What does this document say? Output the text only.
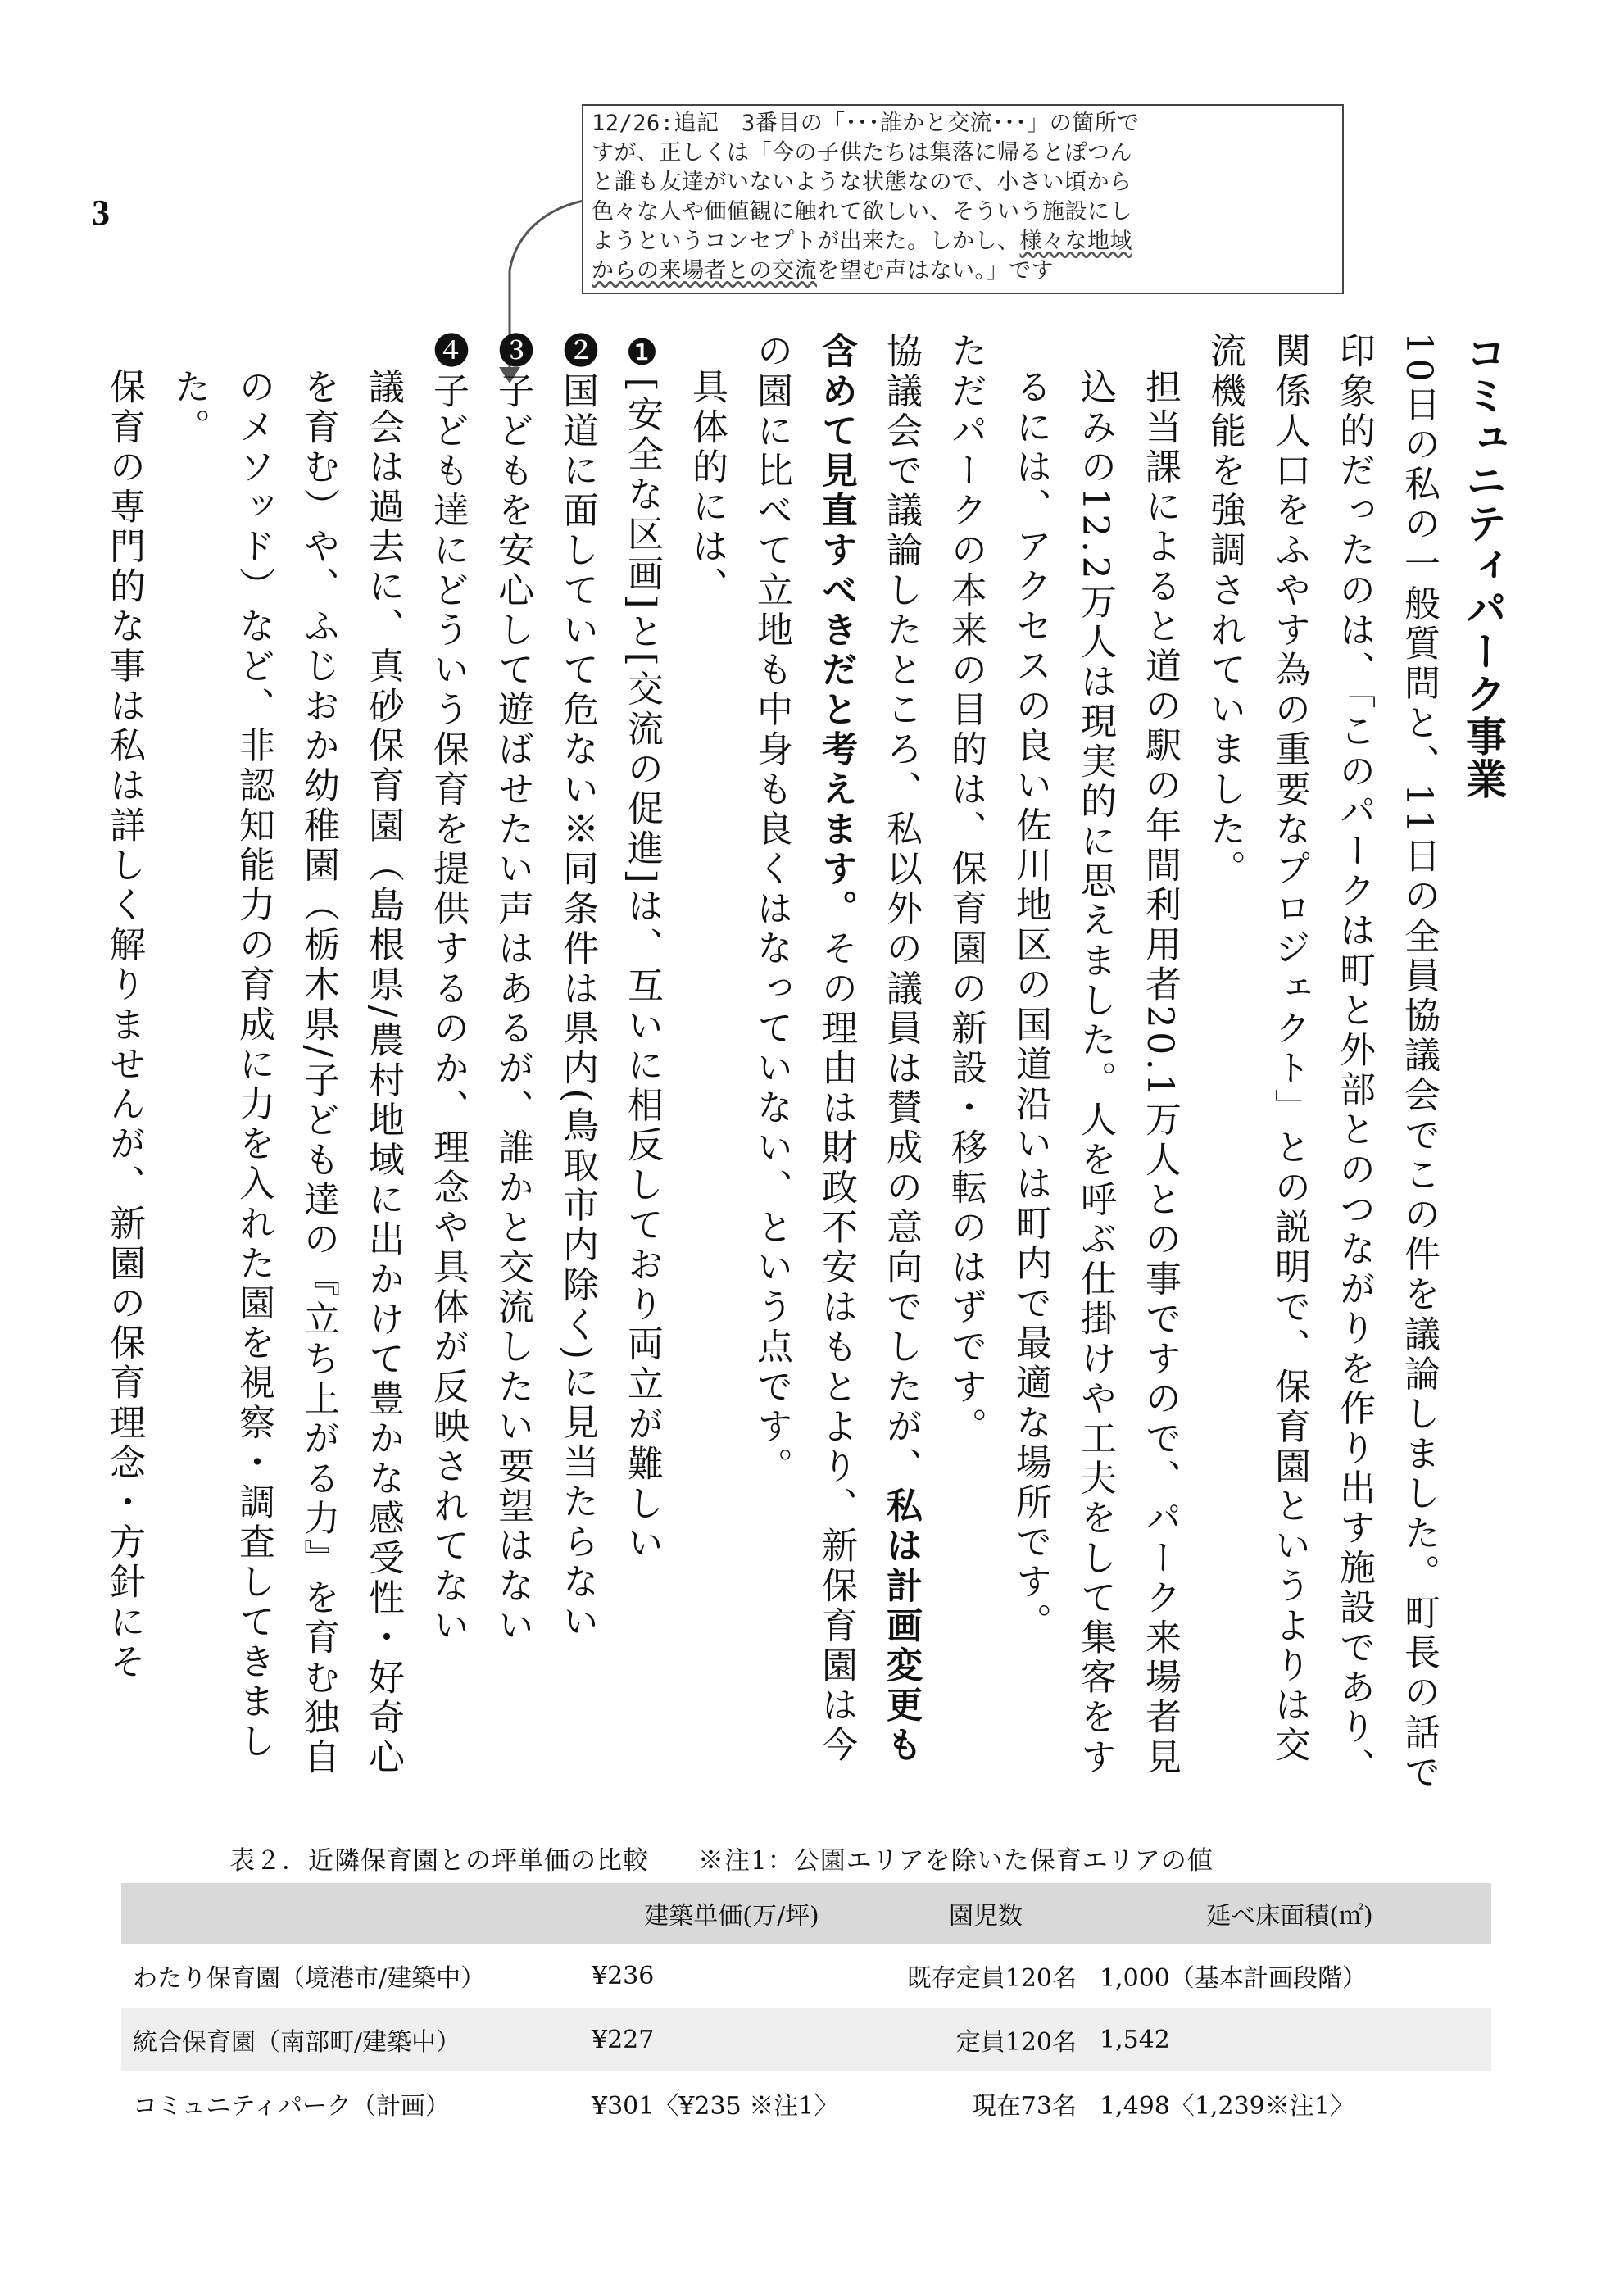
3
12/26:追記　3番目の「･･･誰かと交流･･･」の箇所で
すが、正しくは「今の子供たちは集落に帰るとぽつん
と誰も友達がいないような状態なので、小さい頃から
色々な人や価値観に触れて欲しい、そういう施設にし
ようというコンセプトが出来た。しかし、様々な地域
からの来場者との交流を望む声はない。」です

コミュニティパーク事業

10日の私の一般質問と、11日の全員協議会でこの件を議論しました。町長の話で印象的だったのは、「このパークは町と外部とのつながりを作り出す施設であり、関係人口をふやす為の重要なプロジェクト」との説明で、保育園というよりは交流機能を強調されていました。

担当課によると道の駅の年間利用者20.1万人との事ですので、パーク来場者見込みの12.2万人は現実的に思えました。人を呼ぶ仕掛けや工夫をして集客をするには、アクセスの良い佐川地区の国道沿いは町内で最適な場所です。

ただパークの本来の目的は、保育園の新設・移転のはずです。

協議会で議論したところ、私以外の議員は賛成の意向でしたが、私は計画変更も含めて見直すべきだと考えます。その理由は財政不安はもとより、新保育園は今の園に比べて立地も中身も良くはなっていない、という点です。

具体的には、

❶[安全な区画]と[交流の促進]は、互いに相反しており両立が難しい

❷国道に面していて危ない※同条件は県内(鳥取市内除く)に見当たらない

❸子どもを安心して遊ばせたい声はあるが、誰かと交流したい要望はない

❹子ども達にどういう保育を提供するのか、理念や具体が反映されてない

議会は過去に、真砂保育園（島根県/農村地域に出かけて豊かな感受性・好奇心を育む）や、ふじおか幼稚園（栃木県/子ども達の『立ち上がる力』を育む独自のメソッド）など、非認知能力の育成に力を入れた園を視察・調査してきました。

保育の専門的な事は私は詳しく解りませんが、新園の保育理念・方針にそ

表２．近隣保育園との坪単価の比較 ※注1：公園エリアを除いた保育エリアの値
	建築単価(万/坪)	園児数	延べ床面積(㎡)
わたり保育園（境港市/建築中）	¥236	既存定員120名	1,000（基本計画段階）
統合保育園（南部町/建築中）	¥227	定員120名	1,542
コミュニティパーク（計画）	¥301〈¥235 ※注1〉	現在73名	1,498〈1,239※注1〉
